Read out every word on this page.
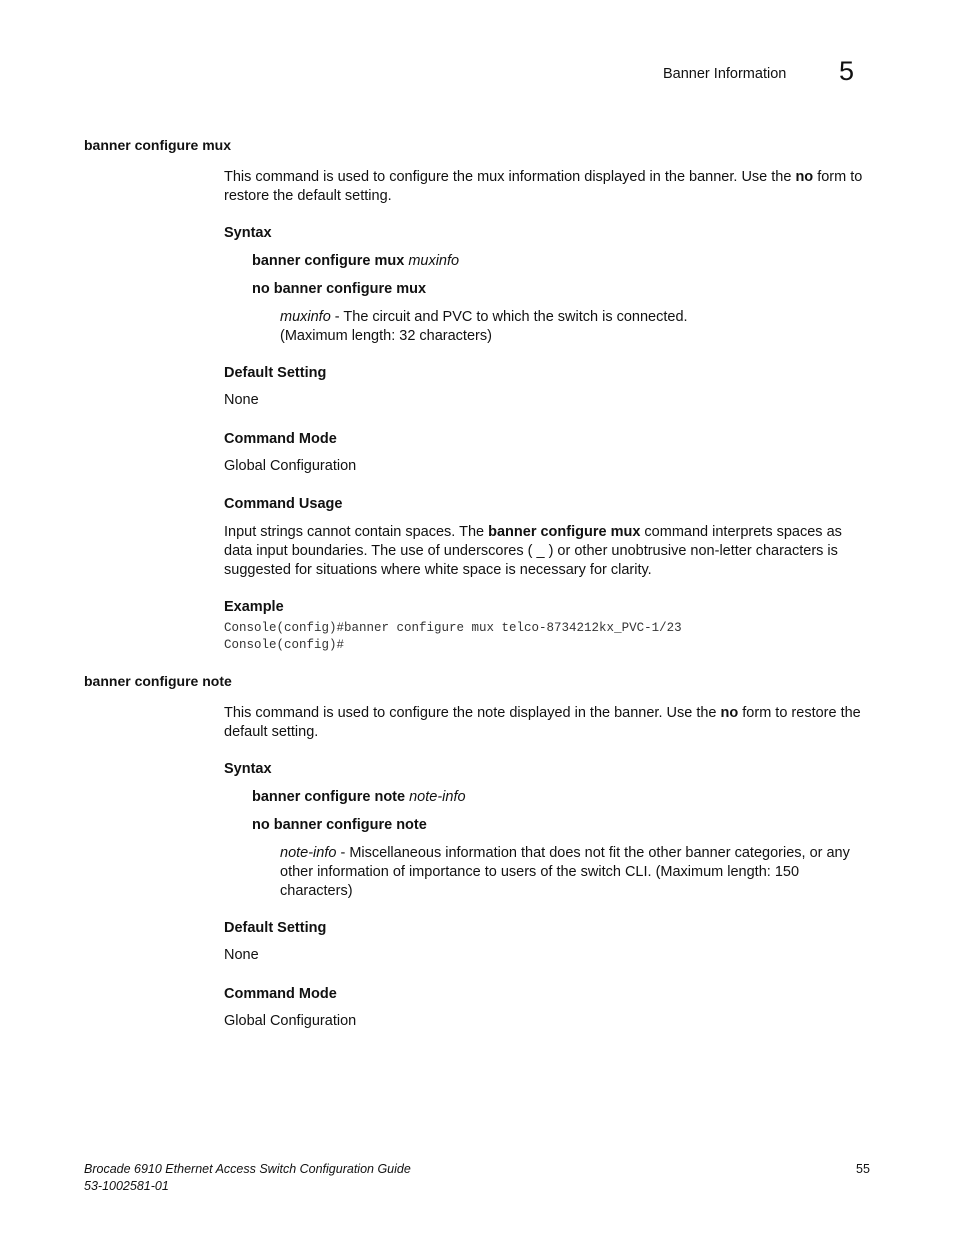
Banner Information 5
banner configure mux
This command is used to configure the mux information displayed in the banner. Use the no form to restore the default setting.
Syntax
banner configure mux muxinfo
no banner configure mux
muxinfo - The circuit and PVC to which the switch is connected.
(Maximum length: 32 characters)
Default Setting
None
Command Mode
Global Configuration
Command Usage
Input strings cannot contain spaces. The banner configure mux command interprets spaces as data input boundaries. The use of underscores ( _ ) or other unobtrusive non-letter characters is suggested for situations where white space is necessary for clarity.
Example
Console(config)#banner configure mux telco-8734212kx_PVC-1/23
Console(config)#
banner configure note
This command is used to configure the note displayed in the banner. Use the no form to restore the default setting.
Syntax
banner configure note note-info
no banner configure note
note-info - Miscellaneous information that does not fit the other banner categories, or any other information of importance to users of the switch CLI. (Maximum length: 150 characters)
Default Setting
None
Command Mode
Global Configuration
Brocade 6910 Ethernet Access Switch Configuration Guide
53-1002581-01
55
